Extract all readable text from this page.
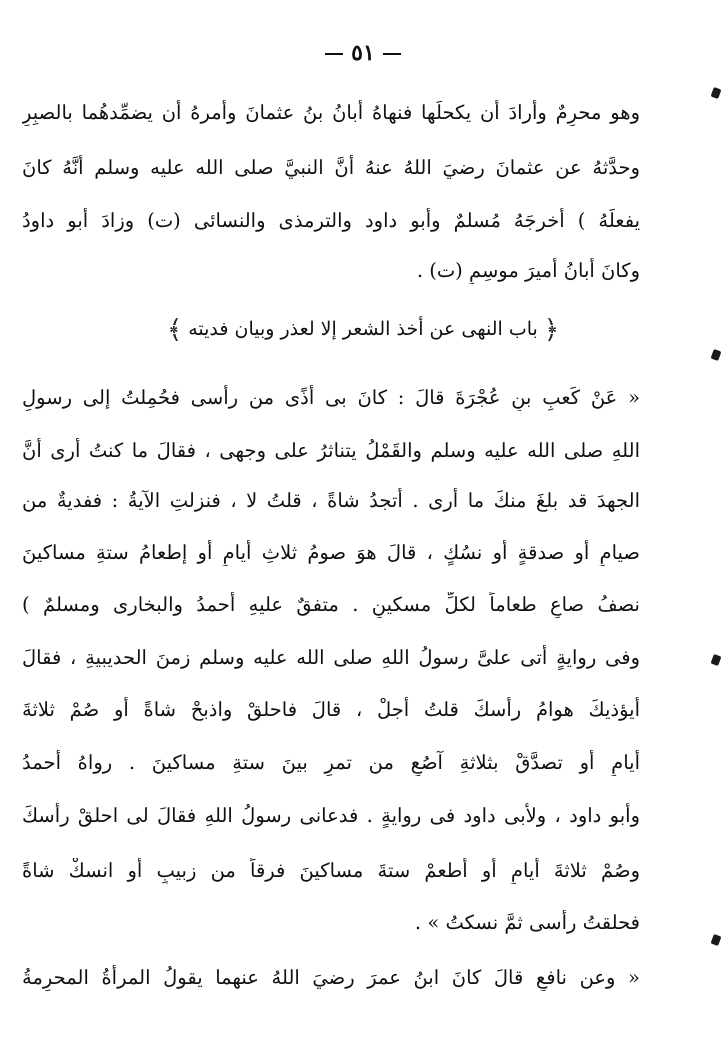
٥١
وهو محرِمٌ وأرادَ أن يكحلَها فنهاهُ أبانُ بنُ عثمانَ وأمرهُ أن يضمِّدهُما بالصبِرِ
وحدَّثهُ عن عثمانَ رضيَ اللهُ عنهُ أنَّ النبيَّ صلى الله عليه وسلم أنَّهُ كانَ
يفعلَهُ ) أخرجَهُ مُسلمٌ وأبو داود والترمذى والنسائى (ت) وزادَ أبو داودُ
وكانَ أبانُ أميرَ موسِمٍ (ت) .
﴿ باب النهى عن أخذ الشعر إلا لعذر وبيان فديته ﴾
« عَنْ كَعبِ بنِ عُجْرَةَ قالَ : كانَ بى أذًى من رأسى فحُمِلتُ إلى رسولِ
اللهِ صلى الله عليه وسلم والقَمْلُ يتناثرُ على وجهى ، فقالَ ما كنتُ أرى أنَّ
الجهدَ قد بلغَ منكَ ما أرى . أتجدُ شاةً ، قلتُ لا ، فنزلتِ الآيةُ : ففديةٌ من
صيامٍ أو صدقةٍ أو نسُكٍ ، قالَ هوَ صومُ ثلاثِ أيامٍ أو إطعامُ ستةِ مساكينَ
نصفُ صاعٍ طعاماً لكلِّ مسكينٍ . متفقٌ عليهِ أحمدُ والبخارى ومسلمٌ )
وفى روايةٍ أتى علىَّ رسولُ اللهِ صلى الله عليه وسلم زمنَ الحديبيةِ ، فقالَ
أيؤذيكَ هوامُ رأسكَ قلتُ أجلْ ، قالَ فاحلقْ واذبحْ شاةً أو صُمْ ثلاثةَ
أيامٍ أو تصدَّقْ بثلاثةِ آصُعٍ من تمرٍ بينَ ستةِ مساكينَ . رواهُ أحمدُ
وأبو داود ، ولأبى داود فى روايةٍ . فدعانى رسولُ اللهِ فقالَ لى احلقْ رأسكَ
وصُمْ ثلاثةَ أيامٍ أو أطعمْ ستةَ مساكينَ فرقاً من زبيبٍ أو انسكْ شاةً
فحلقتُ رأسى ثمَّ نسكتُ » .
« وعن نافعٍ قالَ كانَ ابنُ عمرَ رضيَ اللهُ عنهما يقولُ المرأةُ المحرِمةُ
